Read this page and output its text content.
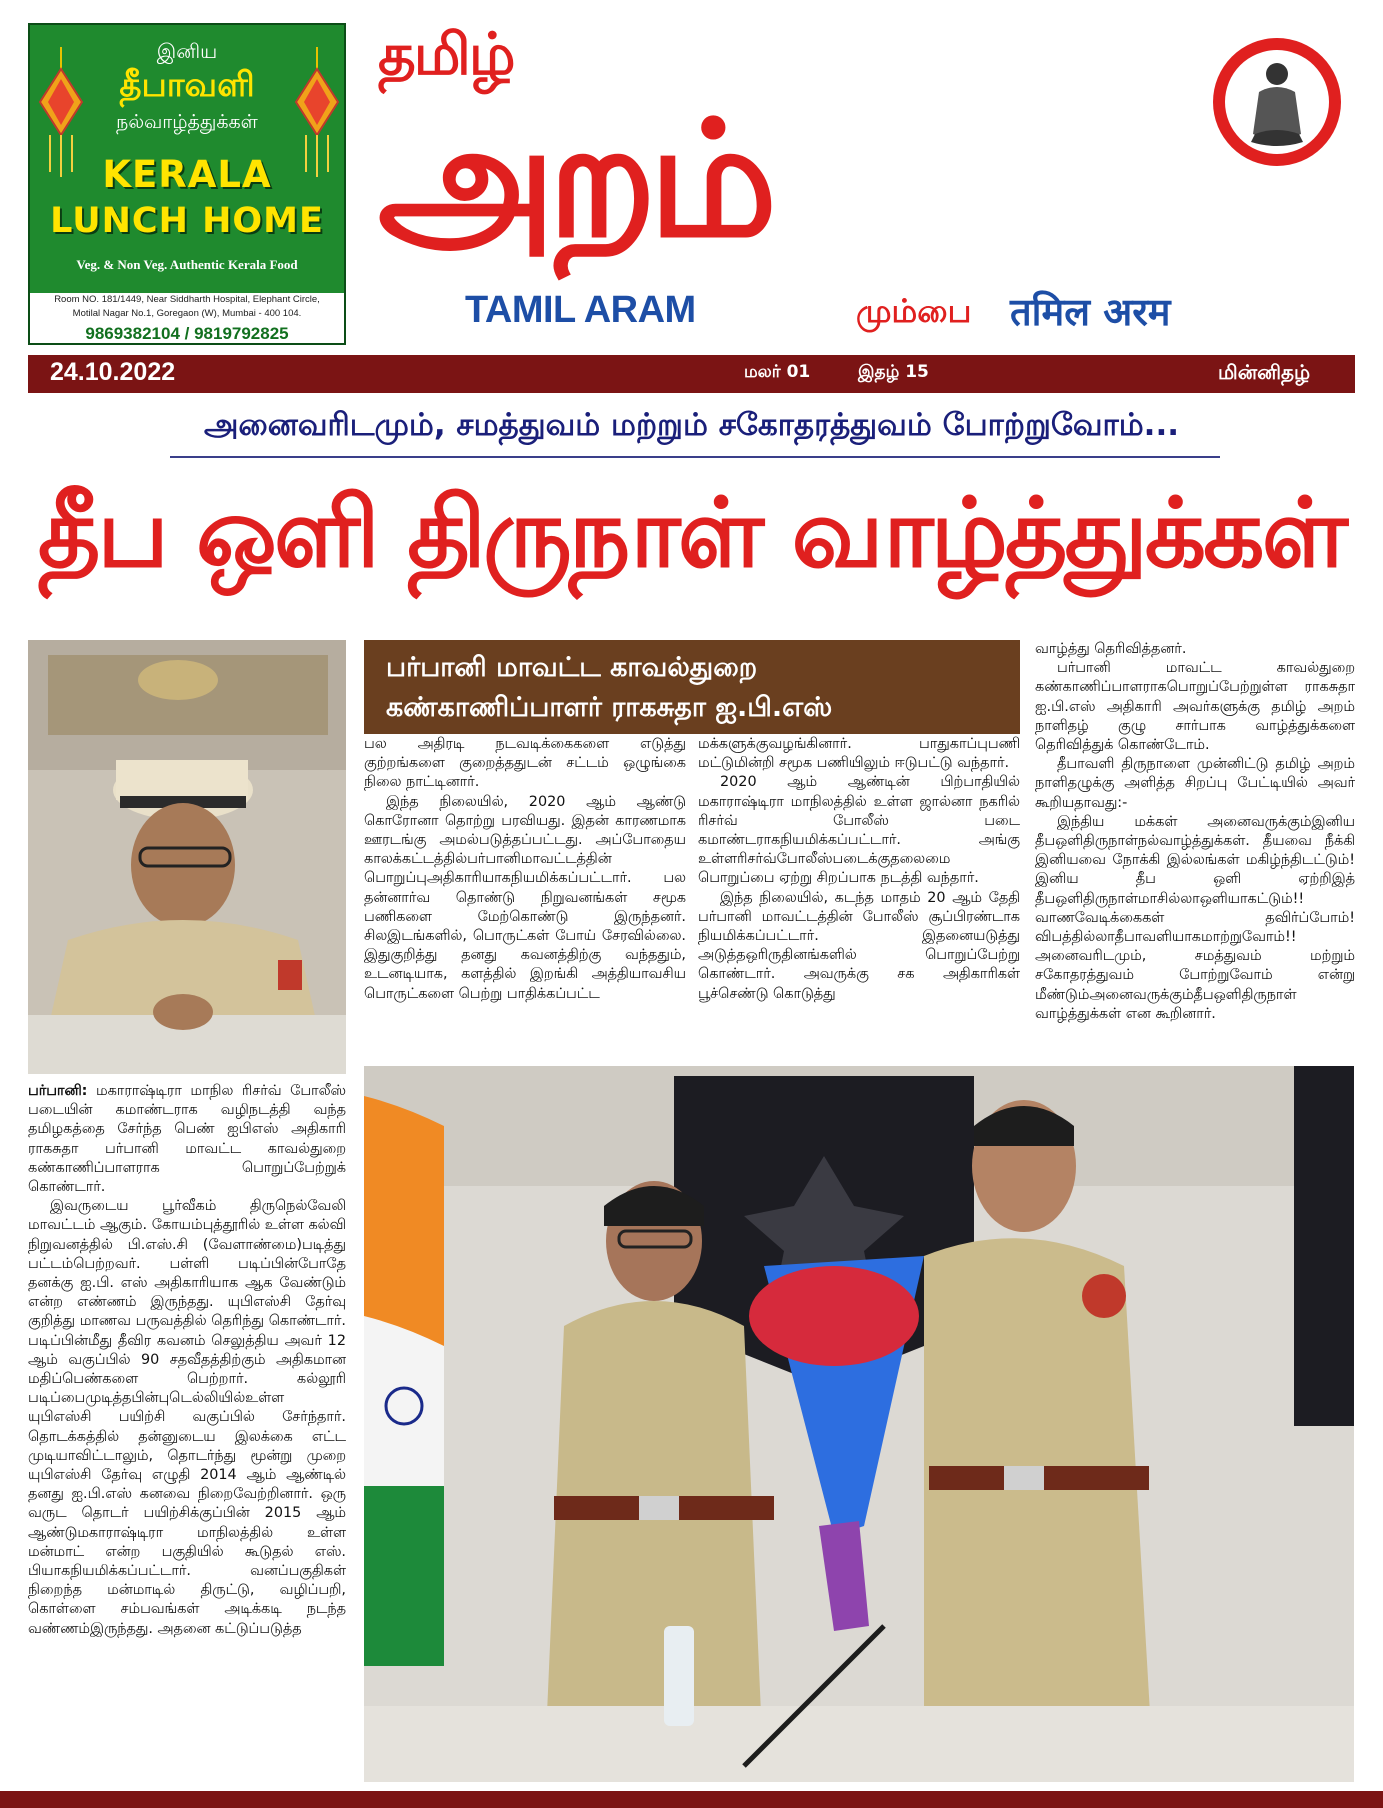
இனிய
தீபாவளி
நல்வாழ்த்துக்கள்
KERALA
LUNCH HOME
Veg. & Non Veg. Authentic Kerala Food
Room NO. 181/1449, Near Siddharth Hospital, Elephant Circle,
Motilal Nagar No.1, Goregaon (W), Mumbai - 400 104.
9869382104 / 9819792825
தமிழ்
அறம்
TAMIL ARAM	மும்பை तमिल अरम
24.10.2022	மலர் 01	இதழ் 15	மின்னிதழ்
அனைவரிடமும், சமத்துவம் மற்றும் சகோதரத்துவம் போற்றுவோம்...
தீப ஒளி திருநாள் வாழ்த்துக்கள்
பர்பானி மாவட்ட காவல்துறை
கண்காணிப்பாளர் ராகசுதா ஐ.பி.எஸ்

பர்பானி: மகாராஷ்டிரா மாநில ரிசர்வ் போலீஸ் படையின் கமாண்டராக வழிநடத்தி வந்த தமிழகத்தை சேர்ந்த பெண் ஐபிஎஸ் அதிகாரி ராகசுதா பர்பானி மாவட்ட காவல்துறை கண்காணிப்பாளராக பொறுப்பேற்றுக் கொண்டார்.

இவருடைய பூர்வீகம் திருநெல்வேலி மாவட்டம் ஆகும். கோயம்புத்தூரில் உள்ள கல்வி நிறுவனத்தில் பி.எஸ்.சி (வேளாண்மை)படித்து பட்டம்பெற்றவர். பள்ளி படிப்பின்போதே தனக்கு ஐ.பி. எஸ் அதிகாரியாக ஆக வேண்டும் என்ற எண்ணம் இருந்தது. யுபிஎஸ்சி தேர்வு குறித்து மாணவ பருவத்தில் தெரிந்து கொண்டார். படிப்பின்மீது தீவிர கவனம் செலுத்திய அவர் 12 ஆம் வகுப்பில் 90 சதவீதத்திற்கும் அதிகமான மதிப்பெண்களை பெற்றார். கல்லூரி படிப்பைமுடித்தபின்புடெல்லியில்உள்ள யுபிஎஸ்சி பயிற்சி வகுப்பில் சேர்ந்தார். தொடக்கத்தில் தன்னுடைய இலக்கை எட்ட முடியாவிட்டாலும், தொடர்ந்து மூன்று முறை யுபிஎஸ்சி தேர்வு எழுதி 2014 ஆம் ஆண்டில் தனது ஐ.பி.எஸ் கனவை நிறைவேற்றினார். ஒரு வருட தொடர் பயிற்சிக்குப்பின் 2015 ஆம் ஆண்டுமகாராஷ்டிரா மாநிலத்தில் உள்ள மன்மாட் என்ற பகுதியில் கூடுதல் எஸ். பியாகநியமிக்கப்பட்டார். வனப்பகுதிகள் நிறைந்த மன்மாடில் திருட்டு, வழிப்பறி, கொள்ளை சம்பவங்கள் அடிக்கடி நடந்த வண்ணம்இருந்தது. அதனை கட்டுப்படுத்த

பல அதிரடி நடவடிக்கைகளை எடுத்து குற்றங்களை குறைத்ததுடன் சட்டம் ஒழுங்கை நிலை நாட்டினார்.

இந்த நிலையில், 2020 ஆம் ஆண்டு கொரோனா தொற்று பரவியது. இதன் காரணமாக ஊரடங்கு அமல்படுத்தப்பட்டது. அப்போதைய காலக்கட்டத்தில்பர்பானிமாவட்டத்தின் பொறுப்புஅதிகாரியாகநியமிக்கப்பட்டார். பல தன்னார்வ தொண்டு நிறுவனங்கள் சமூக பணிகளை மேற்கொண்டு இருந்தனர். சிலஇடங்களில், பொருட்கள் போய் சேரவில்லை. இதுகுறித்து தனது கவனத்திற்கு வந்ததும், உடனடியாக, களத்தில் இறங்கி அத்தியாவசிய பொருட்களை பெற்று பாதிக்கப்பட்ட

மக்களுக்குவழங்கினார். பாதுகாப்புபணி மட்டுமின்றி சமூக பணியிலும் ஈடுபட்டு வந்தார்.

2020 ஆம் ஆண்டின் பிற்பாதியில் மகாராஷ்டிரா மாநிலத்தில் உள்ள ஜால்னா நகரில் ரிசர்வ் போலீஸ் படை கமாண்டராகநியமிக்கப்பட்டார். அங்கு உள்ளரிசர்வ்போலீஸ்படைக்குதலைமை பொறுப்பை ஏற்று சிறப்பாக நடத்தி வந்தார்.

இந்த நிலையில், கடந்த மாதம் 20 ஆம் தேதி பர்பானி மாவட்டத்தின் போலீஸ் சூப்பிரண்டாக நியமிக்கப்பட்டார். இதனையடுத்து அடுத்தஒரிருதினங்களில் பொறுப்பேற்று கொண்டார். அவருக்கு சக அதிகாரிகள் பூச்செண்டு கொடுத்து

வாழ்த்து தெரிவித்தனர்.

பர்பானி மாவட்ட காவல்துறை கண்காணிப்பாளராகபொறுப்பேற்றுள்ள ராகசுதா ஐ.பி.எஸ் அதிகாரி அவர்களுக்கு தமிழ் அறம் நாளிதழ் குழு சார்பாக வாழ்த்துக்களை தெரிவித்துக் கொண்டோம்.

தீபாவளி திருநாளை முன்னிட்டு தமிழ் அறம் நாளிதழுக்கு அளித்த சிறப்பு பேட்டியில் அவர் கூறியதாவது:-

இந்திய மக்கள் அனைவருக்கும்இனிய தீபஒளிதிருநாள்நல்வாழ்த்துக்கள். தீயவை நீக்கி இனியவை நோக்கி இல்லங்கள் மகிழ்ந்திடட்டும்! இனிய தீப ஒளி ஏற்றிஇத் தீபஒளிதிருநாள்மாசில்லாஒளியாகட்டும்!! வாணவேடிக்கைகள் தவிர்ப்போம்! விபத்தில்லாதீபாவளியாகமாற்றுவோம்!! அனைவரிடமும், சமத்துவம் மற்றும் சகோதரத்துவம் போற்றுவோம் என்று மீண்டும்அனைவருக்கும்தீபஒளிதிருநாள் வாழ்த்துக்கள் என கூறினார்.
